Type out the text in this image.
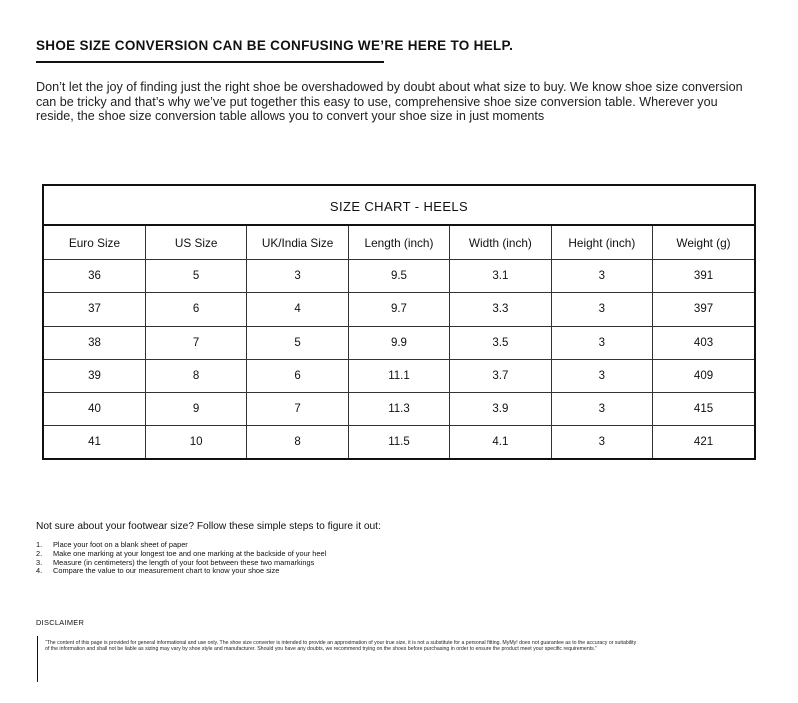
SHOE SIZE CONVERSION CAN BE CONFUSING WE’RE HERE TO HELP.
Don’t let the joy of finding just the right shoe be overshadowed by doubt about what size to buy. We know shoe size conversion can be tricky and that’s why we’ve put together this easy to use, comprehensive shoe size conversion table. Wherever you reside, the shoe size conversion table allows you to convert your shoe size in just moments
SIZE CHART - HEELS
Euro Size	US Size	UK/India Size	Length (inch)	Width (inch)	Height (inch)	Weight (g)
36	5	3	9.5	3.1	3	391
37	6	4	9.7	3.3	3	397
38	7	5	9.9	3.5	3	403
39	8	6	11.1	3.7	3	409
40	9	7	11.3	3.9	3	415
41	10	8	11.5	4.1	3	421
Not sure about your footwear size? Follow these simple steps to figure it out:
1.	Place your foot on a blank sheet of paper
2.	Make one marking at your longest toe and one marking at the backside of your heel
3.	Measure (in centimeters) the length of your foot between these two mamarkings
4.	Compare the value to our measurement chart to know your shoe size
DISCLAIMER

“The content of this page is provided for general informational and use only. The shoe size converter is intended to provide an approximation of your true size, it is not a substitute for a personal fitting. MyMy! does not guarantee as to the accuracy or suitability of the information and shall not be liable as sizing may vary by shoe style and manufacturer. Should you have any doubts, we recommend trying on the shoes before purchasing in order to ensure the product meet your specific requirements.”
